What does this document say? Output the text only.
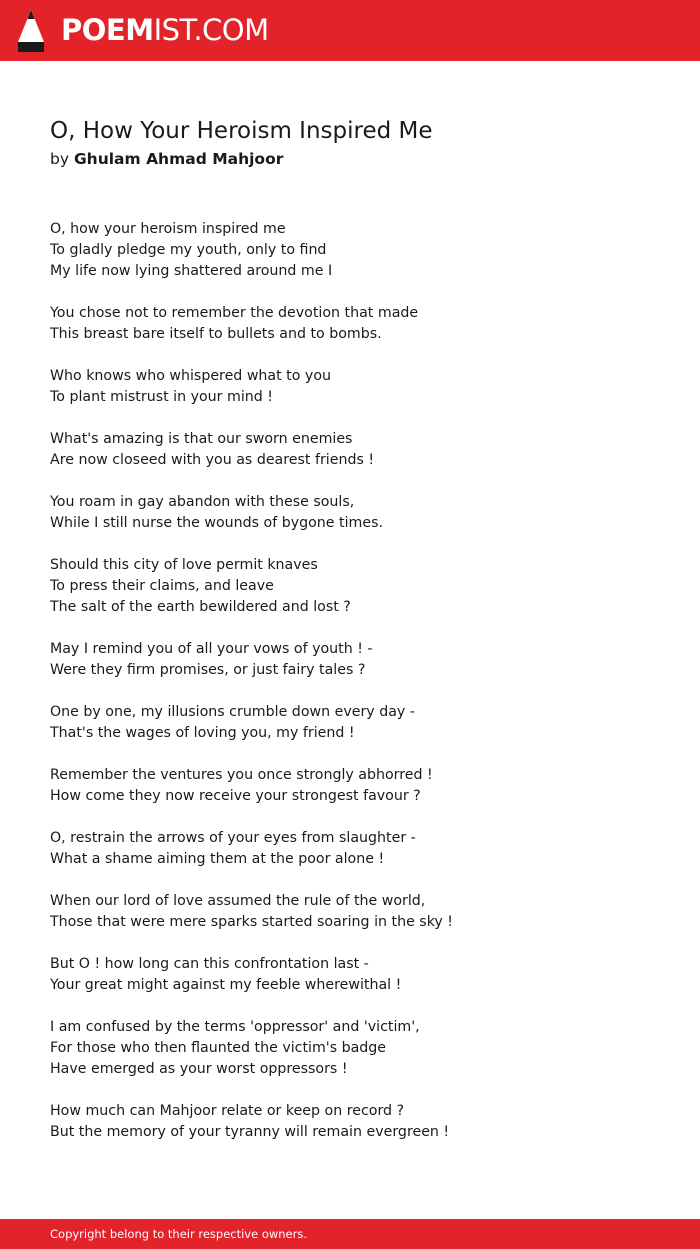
POEMIST.COM
O, How Your Heroism Inspired Me
by Ghulam Ahmad Mahjoor
O, how your heroism inspired me
To gladly pledge my youth, only to find
My life now lying shattered around me I
You chose not to remember the devotion that made
This breast bare itself to bullets and to bombs.
Who knows who whispered what to you
To plant mistrust in your mind !
What's amazing is that our sworn enemies
Are now closeed with you as dearest friends !
You roam in gay abandon with these souls,
While I still nurse the wounds of bygone times.
Should this city of love permit knaves
To press their claims, and leave
The salt of the earth bewildered and lost ?
May I remind you of all your vows of youth ! -
Were they firm promises, or just fairy tales ?
One by one, my illusions crumble down every day -
That's the wages of loving you, my friend !
Remember the ventures you once strongly abhorred !
How come they now receive your strongest favour ?
O, restrain the arrows of your eyes from slaughter -
What a shame aiming them at the poor alone !
When our lord of love assumed the rule of the world,
Those that were mere sparks started soaring in the sky !
But O ! how long can this confrontation last -
Your great might against my feeble wherewithal !
I am confused by the terms 'oppressor' and 'victim',
For those who then flaunted the victim's badge
Have emerged as your worst oppressors !
How much can Mahjoor relate or keep on record ?
But the memory of your tyranny will remain evergreen !
Copyright belong to their respective owners.
